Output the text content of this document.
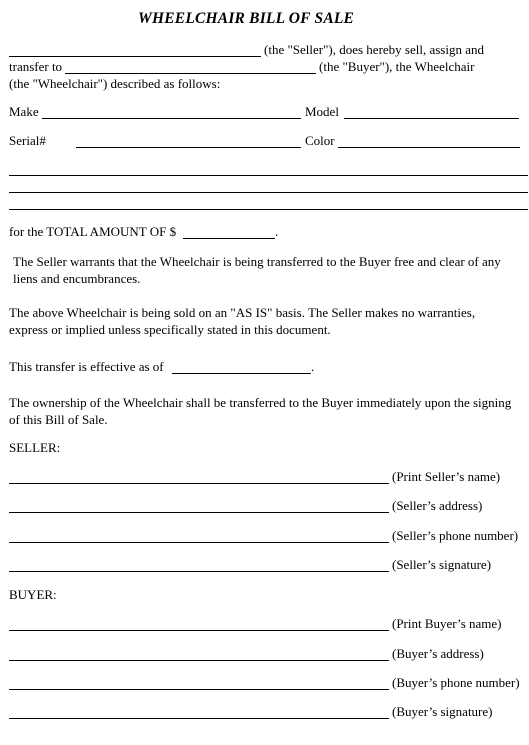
WHEELCHAIR BILL OF SALE
(the "Seller"), does hereby sell, assign and
transfer to	(the "Buyer"), the Wheelchair
(the "Wheelchair") described as follows:
Make	Model
Serial#	Color
for the TOTAL AMOUNT OF $	.
The Seller warrants that the Wheelchair is being transferred to the Buyer free and clear of any
liens and encumbrances.
The above Wheelchair is being sold on an "AS IS" basis. The Seller makes no warranties,
express or implied unless specifically stated in this document.
This transfer is effective as of	.
The ownership of the Wheelchair shall be transferred to the Buyer immediately upon the signing
of this Bill of Sale.
SELLER:
(Print Seller’s name)
(Seller’s address)
(Seller’s phone number)
(Seller’s signature)
BUYER:
(Print Buyer’s name)
(Buyer’s address)
(Buyer’s phone number)
(Buyer’s signature)
